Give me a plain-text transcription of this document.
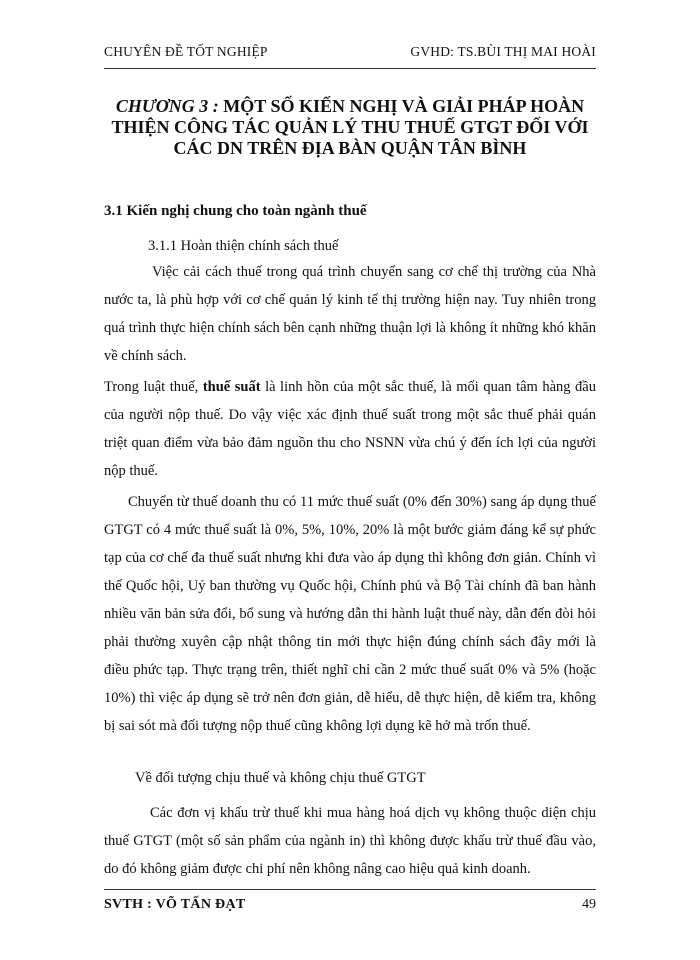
CHUYÊN ĐỀ TỐT NGHIỆP	GVHD: TS.BÙI THỊ MAI HOÀI
CHƯƠNG 3 : MỘT SỐ KIẾN NGHỊ VÀ GIẢI PHÁP HOÀN THIỆN CÔNG TÁC QUẢN LÝ THU THUẾ GTGT ĐỐI VỚI CÁC DN TRÊN ĐỊA BÀN QUẬN TÂN BÌNH
3.1 Kiến nghị chung cho toàn ngành thuế
3.1.1 Hoàn thiện chính sách thuế

Việc cải cách thuế trong quá trình chuyển sang cơ chế thị trường của Nhà nước ta, là phù hợp với cơ chế quản lý kinh tế thị trường hiện nay. Tuy nhiên trong quá trình thực hiện chính sách bên cạnh những thuận lợi là không ít những khó khăn về chính sách.

Trong luật thuế, thuế suất là linh hồn của một sắc thuế, là mối quan tâm hàng đầu của người nộp thuế. Do vậy việc xác định thuế suất trong một sắc thuế phải quán triệt quan điểm vừa bảo đảm nguồn thu cho NSNN vừa chú ý đến ích lợi của người nộp thuế.

Chuyển từ thuế doanh thu có 11 mức thuế suất (0% đến 30%) sang áp dụng thuế GTGT có 4 mức thuế suất là 0%, 5%, 10%, 20% là một bước giảm đáng kể sự phức tạp của cơ chế đa thuế suất nhưng khi đưa vào áp dụng thì không đơn giản. Chính vì thế Quốc hội, Uỷ ban thường vụ Quốc hội, Chính phủ và Bộ Tài chính đã ban hành nhiều văn bản sửa đổi, bổ sung và hướng dẫn thi hành luật thuế này, dẫn đến đòi hỏi phải thường xuyên cập nhật thông tin mới thực hiện đúng chính sách đây mới là điều phức tạp. Thực trạng trên, thiết nghĩ chỉ cần 2 mức thuế suất 0% và 5% (hoặc 10%) thì việc áp dụng sẽ trở nên đơn giản, dễ hiểu, dễ thực hiện, dễ kiểm tra, không bị sai sót mà đối tượng nộp thuế cũng không lợi dụng kẽ hở mà trốn thuế.

Về đối tượng chịu thuế và không chịu thuế GTGT

Các đơn vị khấu trừ thuế khi mua hàng hoá dịch vụ không thuộc diện chịu thuế GTGT (một số sản phẩm của ngành in) thì không được khấu trừ thuế đầu vào, do đó không giảm được chi phí nên không nâng cao hiệu quả kinh doanh.

SVTH : VÕ TẤN ĐẠT	49
